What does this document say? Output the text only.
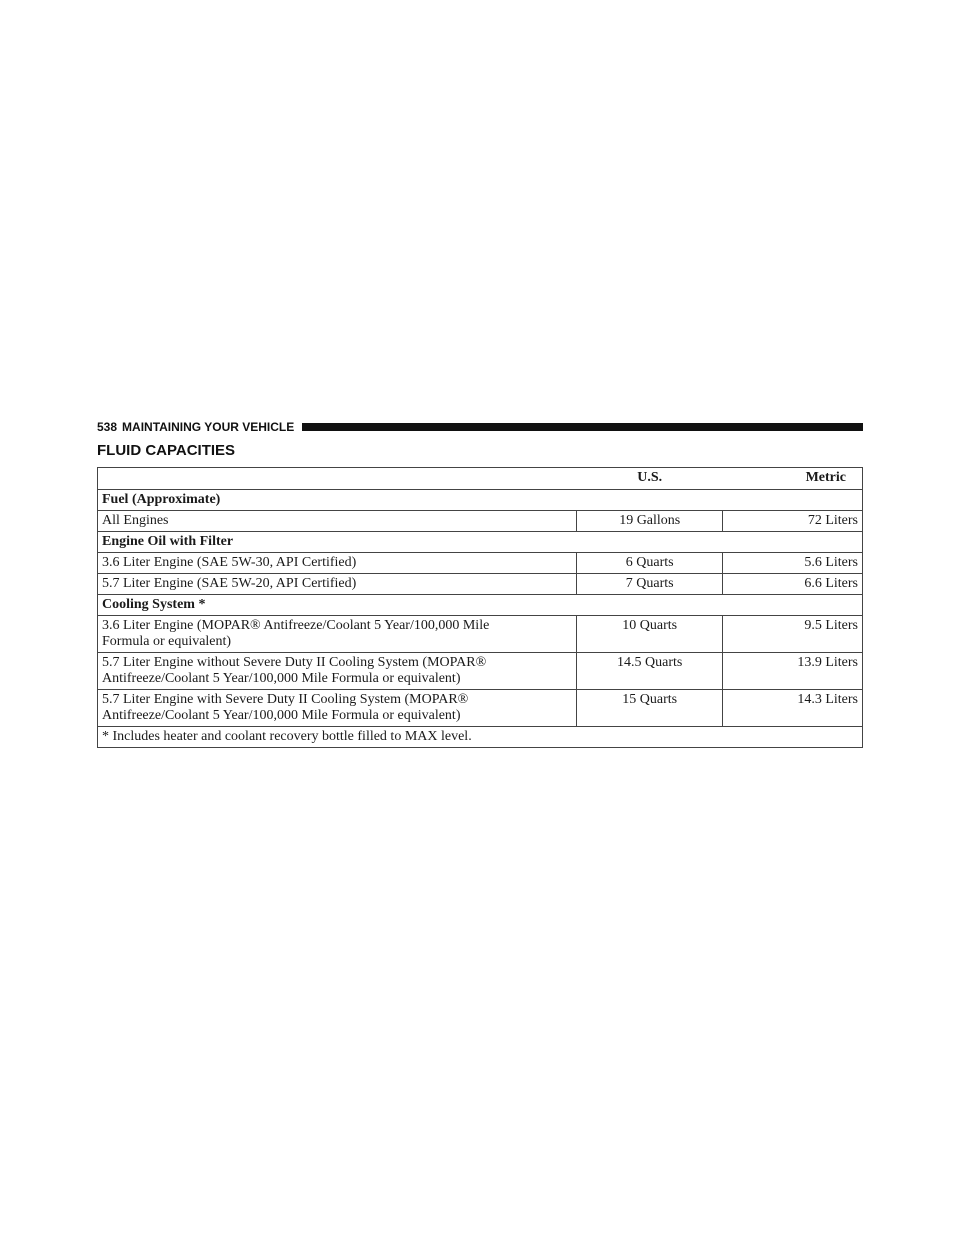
538 MAINTAINING YOUR VEHICLE
FLUID CAPACITIES
	U.S.	Metric
Fuel (Approximate)		
All Engines	19 Gallons	72 Liters
Engine Oil with Filter		
3.6 Liter Engine (SAE 5W-30, API Certified)	6 Quarts	5.6 Liters
5.7 Liter Engine (SAE 5W-20, API Certified)	7 Quarts	6.6 Liters
Cooling System *		
3.6 Liter Engine (MOPAR® Antifreeze/Coolant 5 Year/100,000 Mile
Formula or equivalent)	10 Quarts	9.5 Liters
5.7 Liter Engine without Severe Duty II Cooling System (MOPAR®
Antifreeze/Coolant 5 Year/100,000 Mile Formula or equivalent)	14.5 Quarts	13.9 Liters
5.7 Liter Engine with Severe Duty II Cooling System (MOPAR®
Antifreeze/Coolant 5 Year/100,000 Mile Formula or equivalent)	15 Quarts	14.3 Liters
* Includes heater and coolant recovery bottle filled to MAX level.		
